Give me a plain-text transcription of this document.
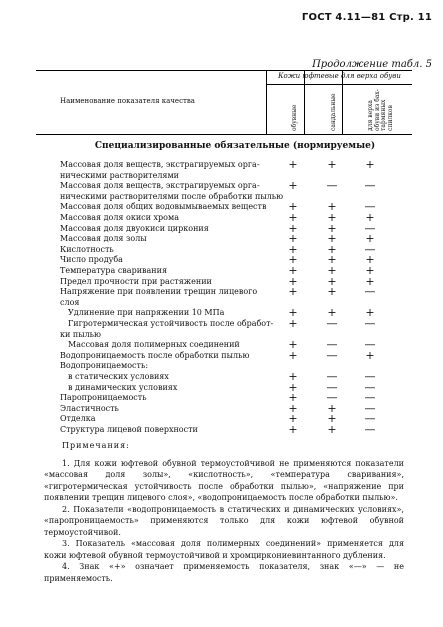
ГОСТ 4.11—81 Стр. 11
Продолжение табл. 5
Наименование показателя качества
Кожи юфтевые для верха обуви
обувные	сандальные	для верха обуви из бах-тармяных спилков
Специализированные обязательные (нормируемые)
Массовая доля веществ, экстрагируемых орга-	+	+	+
ническими растворителями
Массовая доля веществ, экстрагируемых орга-	+	—	—
ническими растворителями после обработки пылью
Массовая доля общих водовымываемых веществ	+	+	—
Массовая доля окиси хрома	+	+	+
Массовая доля двуокиси циркония	+	+	—
Массовая доля золы	+	+	+
Кислотность	+	+	—
Число продуба	+	+	+
Температура сваривания	+	+	+
Предел прочности при растяжении	+	+	+
Напряжение при появлении трещин лицевого	+	+	—
слоя
Удлинение при напряжении 10 МПа	+	+	+
Гигротермическая устойчивость после обработ-	+	—	—
ки пылью
Массовая доля полимерных соединений	+	—	—
Водопроницаемость после обработки пылью	+	—	+
Водопроницаемость:
в статических условиях	+	—	—
в динамических условиях	+	—	—
Паропроницаемость	+	—	—
Эластичность	+	+	—
Отделка	+	+	—
Структура лицевой поверхности	+	+	—

Примечания:

1. Для кожи юфтевой обувной термоустойчивой не применяются показатели «массовая доля золы», «кислотность», «температура сваривания», «гигротермическая устойчивость после обработки пылью», «напряжение при появлении трещин лицевого слоя», «водопроницаемость после обработки пылью».

2. Показатели «водопроницаемость в статических и динамических условиях», «паропроницаемость» применяются только для кожи юфтевой обувной термоустойчивой.

3. Показатель «массовая доля полимерных соединений» применяется для кожи юфтевой обувной термоустойчивой и хромциркониевинтанного дубления.

4. Знак «+» означает применяемость показателя, знак «—» — не применяемость.
